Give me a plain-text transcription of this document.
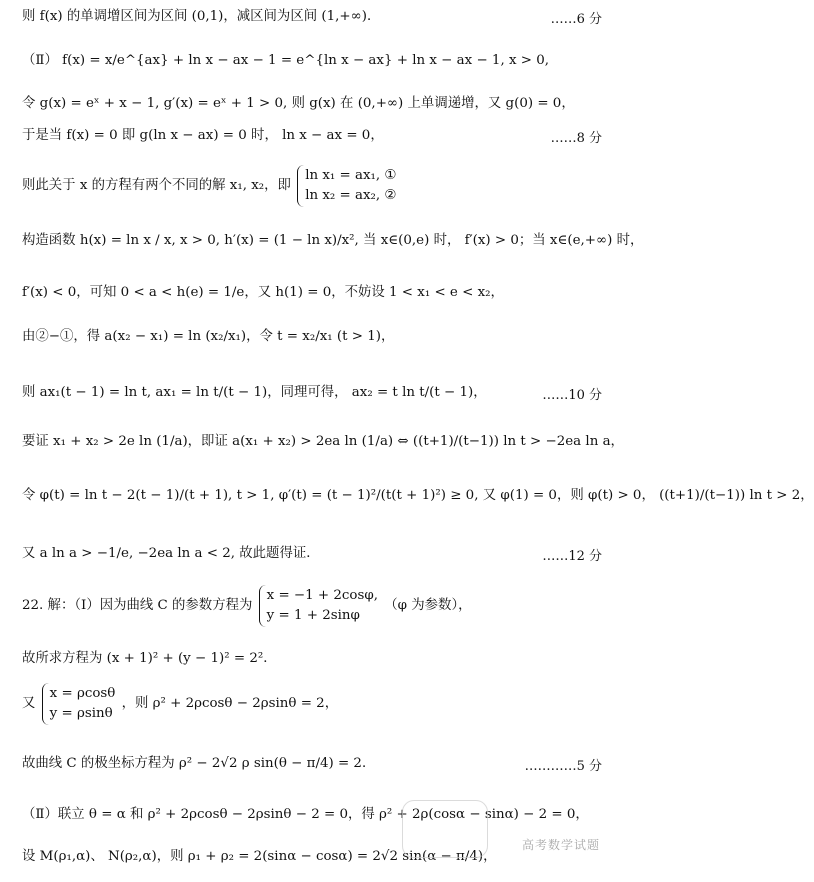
则 f(x) 的单调增区间为区间 (0,1)，减区间为区间 (1,+∞)．	……6 分
（Ⅱ） f(x) = x/e^{ax} + ln x − ax − 1 = e^{ln x − ax} + ln x − ax − 1, x > 0,
令 g(x) = eˣ + x − 1, g′(x) = eˣ + 1 > 0, 则 g(x) 在 (0,+∞) 上单调递增，又 g(0) = 0，
于是当 f(x) = 0 即 g(ln x − ax) = 0 时， ln x − ax = 0，	……8 分
则此关于 x 的方程有两个不同的解 x₁, x₂，即
ln x₁ = ax₁, ①
ln x₂ = ax₂, ②
构造函数 h(x) = ln x / x, x > 0, h′(x) = (1 − ln x)/x², 当 x∈(0,e) 时， f′(x) > 0；当 x∈(e,+∞) 时，
f′(x) < 0，可知 0 < a < h(e) = 1/e，又 h(1) = 0，不妨设 1 < x₁ < e < x₂，
由②−①，得 a(x₂ − x₁) = ln (x₂/x₁)，令 t = x₂/x₁ (t > 1)，
则 ax₁(t − 1) = ln t, ax₁ = ln t/(t − 1)，同理可得， ax₂ = t ln t/(t − 1)，	……10 分
要证 x₁ + x₂ > 2e ln (1/a)，即证 a(x₁ + x₂) > 2ea ln (1/a) ⇔ ((t+1)/(t−1)) ln t > −2ea ln a，
令 φ(t) = ln t − 2(t − 1)/(t + 1), t > 1, φ′(t) = (t − 1)²/(t(t + 1)²) ≥ 0, 又 φ(1) = 0，则 φ(t) > 0， ((t+1)/(t−1)) ln t > 2，
又 a ln a > −1/e, −2ea ln a < 2, 故此题得证．	……12 分
22. 解：（Ⅰ）因为曲线 C 的参数方程为
x = −1 + 2cosφ,
y = 1 + 2sinφ
（φ 为参数），
故所求方程为 (x + 1)² + (y − 1)² = 2²．
又
x = ρcosθ
y = ρsinθ
，则 ρ² + 2ρcosθ − 2ρsinθ = 2，
故曲线 C 的极坐标方程为 ρ² − 2√2 ρ sin(θ − π/4) = 2．	…………5 分
（Ⅱ）联立 θ = α 和 ρ² + 2ρcosθ − 2ρsinθ − 2 = 0，得 ρ² + 2ρ(cosα − sinα) − 2 = 0，
设 M(ρ₁,α)、 N(ρ₂,α)，则 ρ₁ + ρ₂ = 2(sinα − cosα) = 2√2 sin(α − π/4)，
高考数学试题
